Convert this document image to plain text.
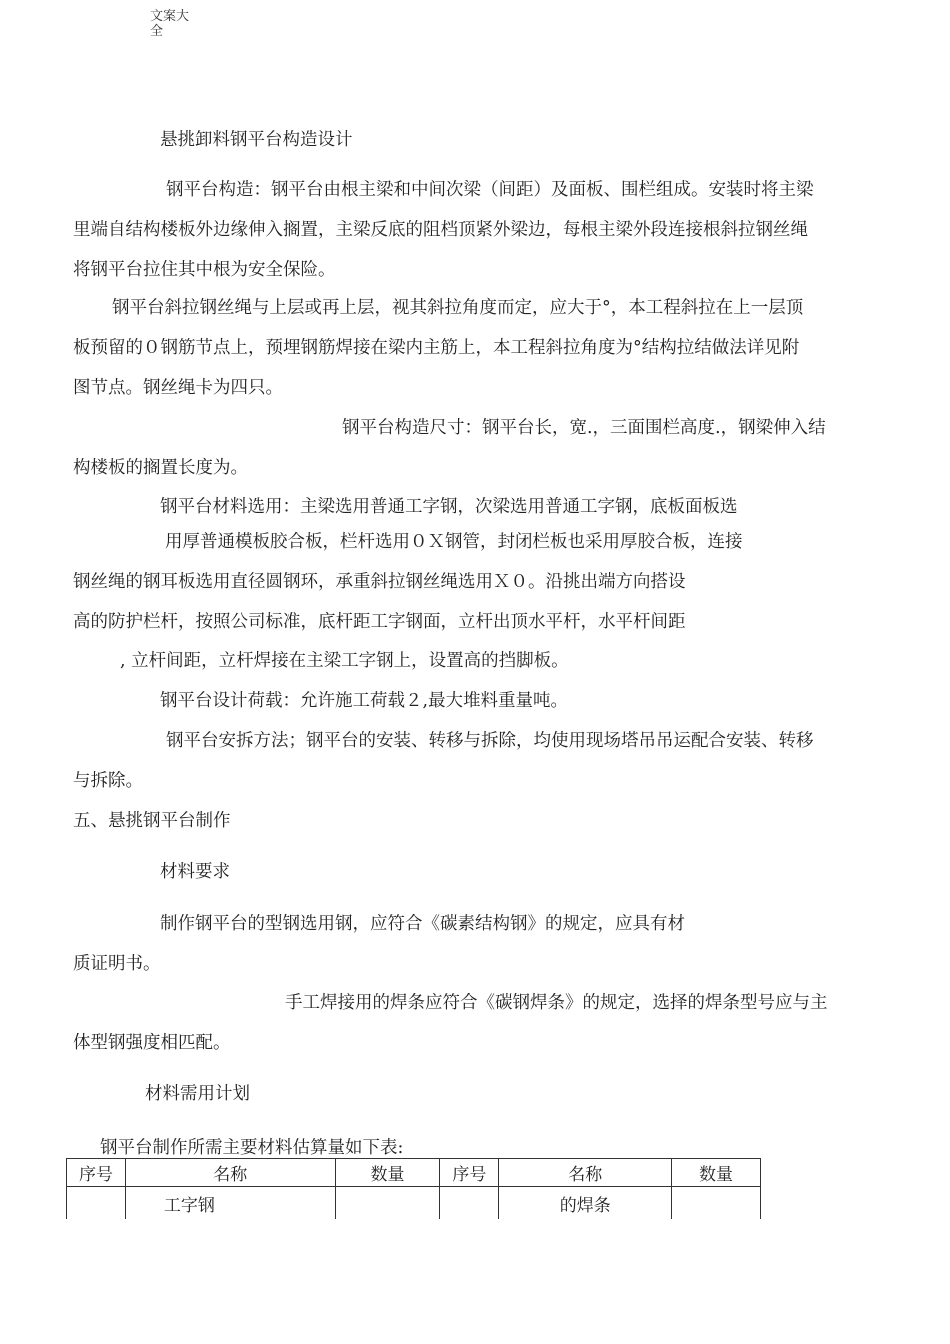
文案大
全
悬挑卸料钢平台构造设计
钢平台构造：钢平台由根主梁和中间次梁（间距）及面板、围栏组成。安装时将主梁
里端自结构楼板外边缘伸入搁置，主梁反底的阻档顶紧外梁边，每根主梁外段连接根斜拉钢丝绳
将钢平台拉住其中根为安全保险。
钢平台斜拉钢丝绳与上层或再上层，视其斜拉角度而定，应大于°，本工程斜拉在上一层顶
板预留的０钢筋节点上，预埋钢筋焊接在梁内主筋上，本工程斜拉角度为°结构拉结做法详见附
图节点。钢丝绳卡为四只。
钢平台构造尺寸：钢平台长，宽.，三面围栏高度.，钢梁伸入结
构楼板的搁置长度为。
钢平台材料选用：主梁选用普通工字钢，次梁选用普通工字钢，底板面板选
用厚普通模板胶合板，栏杆选用０Ｘ钢管，封闭栏板也采用厚胶合板，连接
钢丝绳的钢耳板选用直径圆钢环，承重斜拉钢丝绳选用Ｘ０。沿挑出端方向搭设
高的防护栏杆，按照公司标准，底杆距工字钢面，立杆出顶水平杆，水平杆间距
, 立杆间距，立杆焊接在主梁工字钢上，设置高的挡脚板。
钢平台设计荷载：允许施工荷载２,最大堆料重量吨。
钢平台安拆方法；钢平台的安装、转移与拆除，均使用现场塔吊吊运配合安装、转移
与拆除。
五、悬挑钢平台制作
材料要求
制作钢平台的型钢选用钢，应符合《碳素结构钢》的规定，应具有材
质证明书。
手工焊接用的焊条应符合《碳钢焊条》的规定，选择的焊条型号应与主
体型钢强度相匹配。
材料需用计划
钢平台制作所需主要材料估算量如下表:
序号	名称	数量	序号	名称	数量
	工字钢			的焊条	
